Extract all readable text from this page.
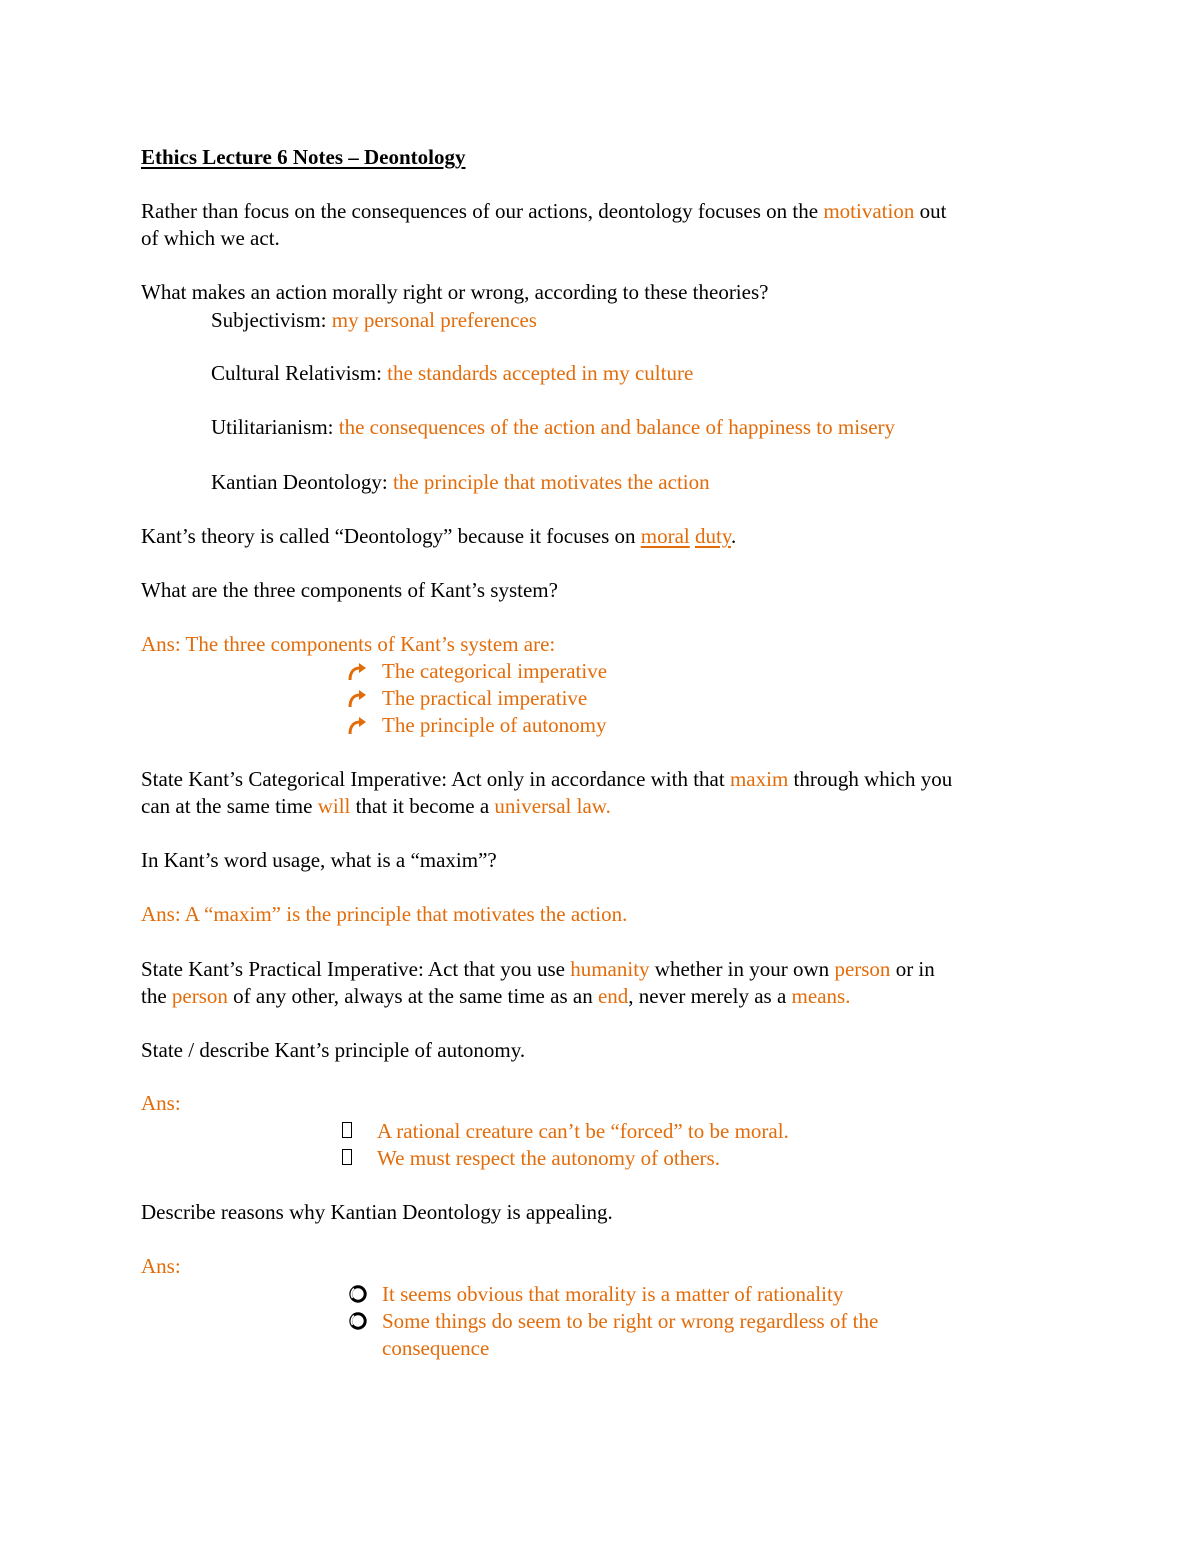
Ethics Lecture 6 Notes – Deontology
Rather than focus on the consequences of our actions, deontology focuses on the motivation out
of which we act.
What makes an action morally right or wrong, according to these theories?
Subjectivism: my personal preferences
Cultural Relativism: the standards accepted in my culture
Utilitarianism: the consequences of the action and balance of happiness to misery
Kantian Deontology: the principle that motivates the action
Kant’s theory is called “Deontology” because it focuses on moral duty.
What are the three components of Kant’s system?
Ans: The three components of Kant’s system are:
The categorical imperative
The practical imperative
The principle of autonomy
State Kant’s Categorical Imperative: Act only in accordance with that maxim through which you
can at the same time will that it become a universal law.
In Kant’s word usage, what is a “maxim”?
Ans: A “maxim” is the principle that motivates the action.
State Kant’s Practical Imperative: Act that you use humanity whether in your own person or in
the person of any other, always at the same time as an end, never merely as a means.
State / describe Kant’s principle of autonomy.
Ans:
A rational creature can’t be “forced” to be moral.
We must respect the autonomy of others.
Describe reasons why Kantian Deontology is appealing.
Ans:
It seems obvious that morality is a matter of rationality
Some things do seem to be right or wrong regardless of the
consequence
